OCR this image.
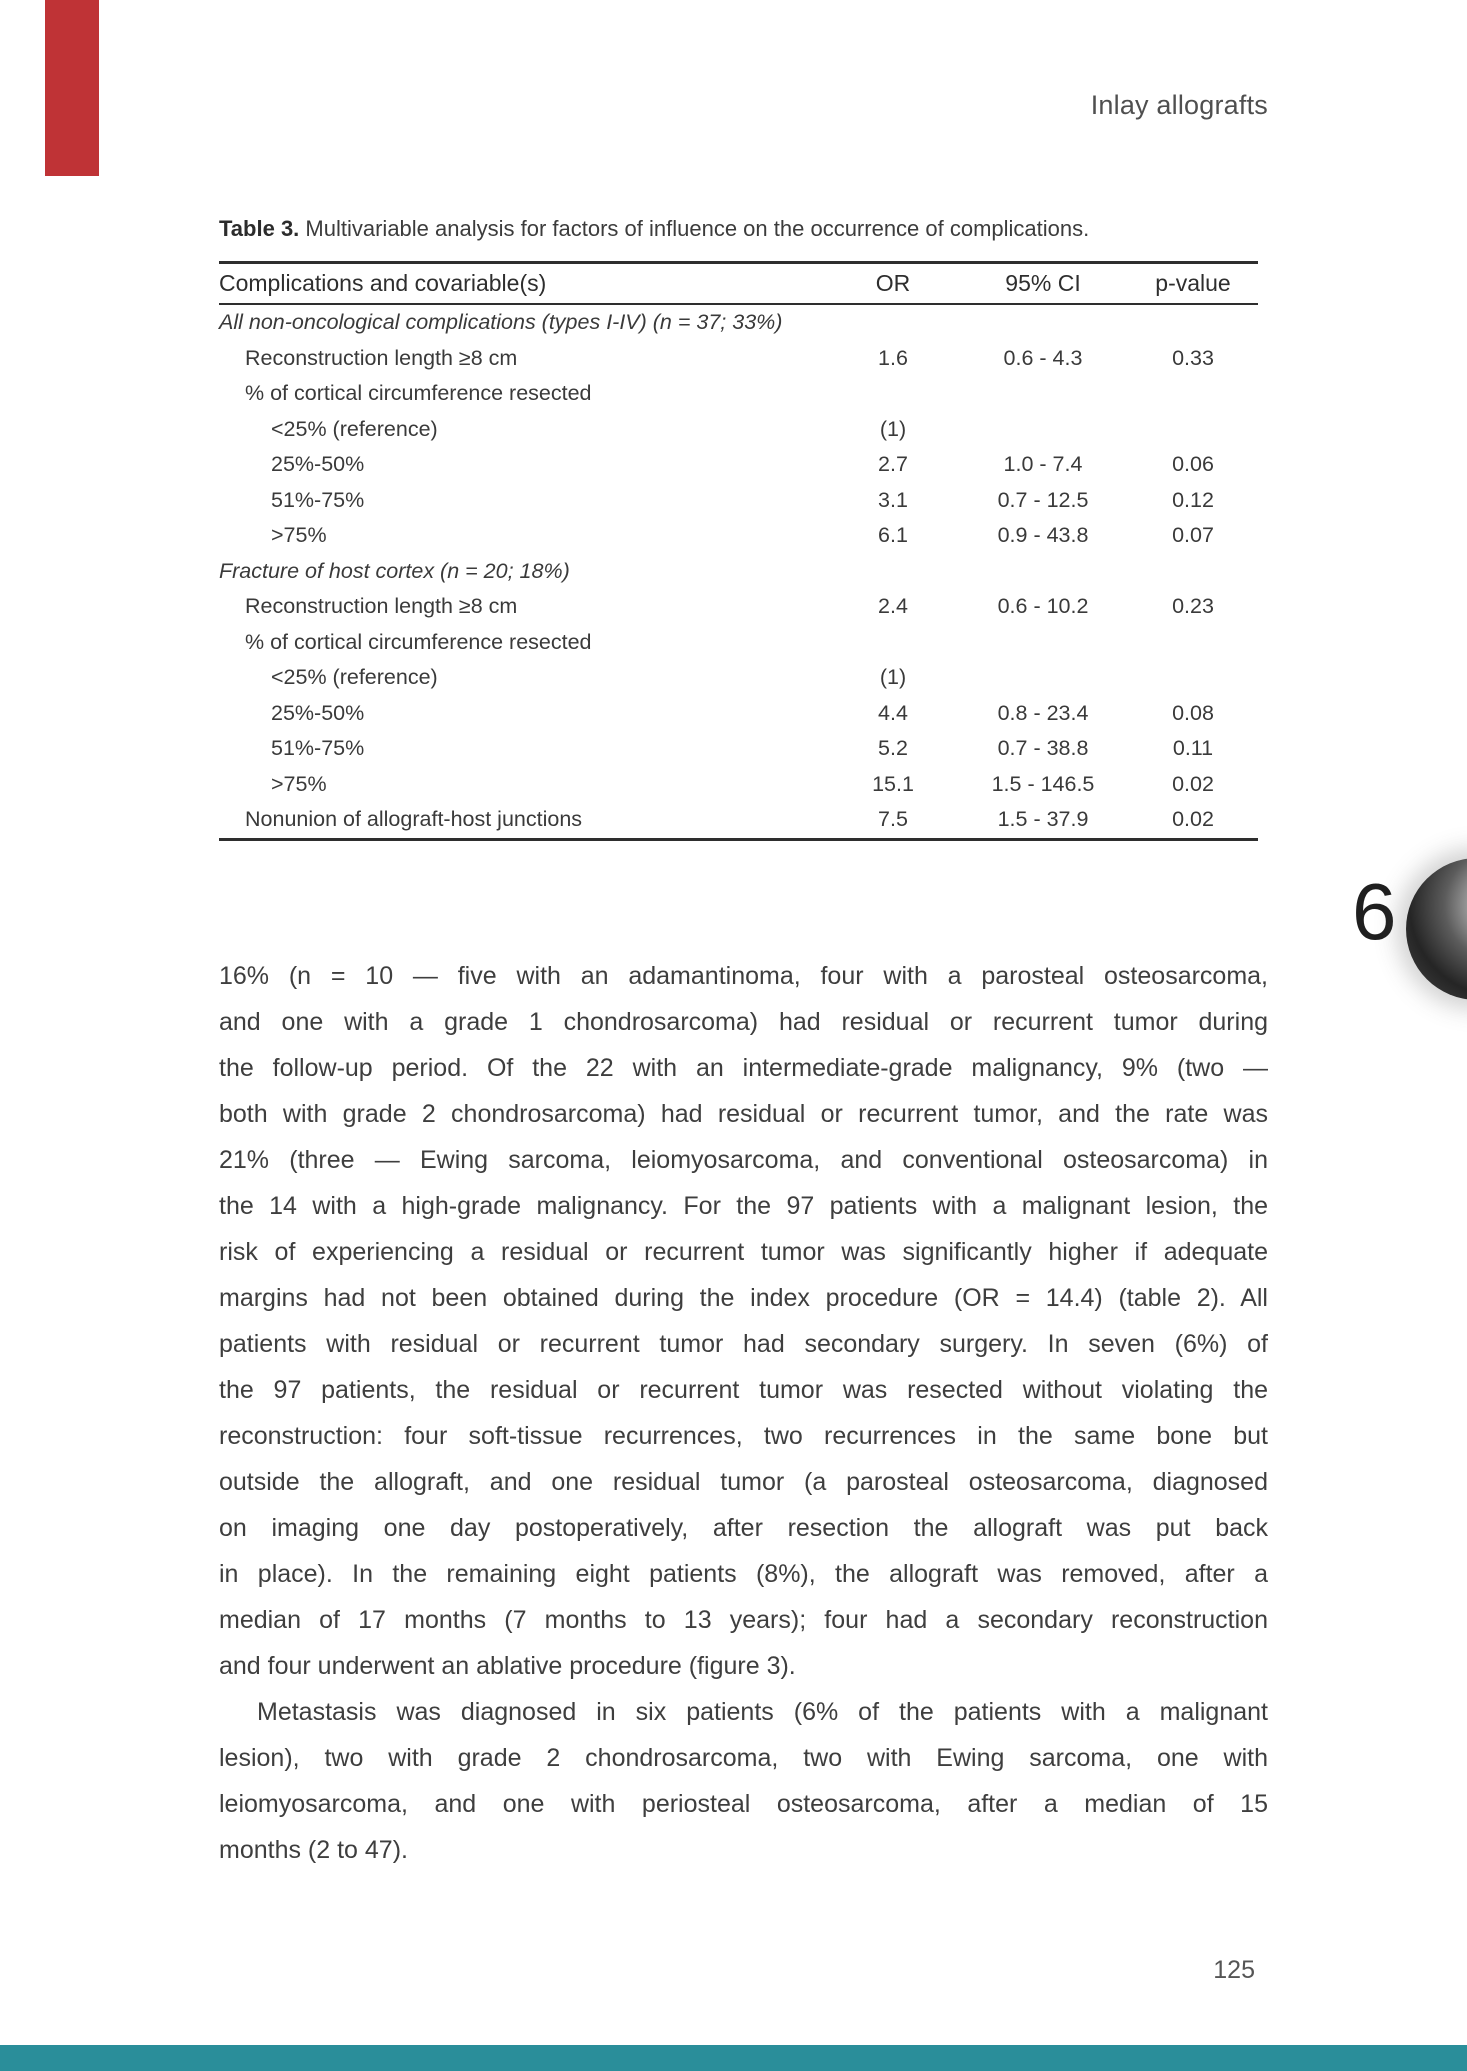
Inlay allografts
Table 3. Multivariable analysis for factors of influence on the occurrence of complications.
Complications and covariable(s)	OR	95% CI	p-value
All non-oncological complications (types I-IV) (n = 37; 33%)
Reconstruction length ≥8 cm	1.6	0.6 - 4.3	0.33
% of cortical circumference resected
<25% (reference)	(1)
25%-50%	2.7	1.0 - 7.4	0.06
51%-75%	3.1	0.7 - 12.5	0.12
>75%	6.1	0.9 - 43.8	0.07
Fracture of host cortex (n = 20; 18%)
Reconstruction length ≥8 cm	2.4	0.6 - 10.2	0.23
% of cortical circumference resected
<25% (reference)	(1)
25%-50%	4.4	0.8 - 23.4	0.08
51%-75%	5.2	0.7 - 38.8	0.11
>75%	15.1	1.5 - 146.5	0.02
Nonunion of allograft-host junctions	7.5	1.5 - 37.9	0.02
6
16% (n = 10 — five with an adamantinoma, four with a parosteal osteosarcoma,
and one with a grade 1 chondrosarcoma) had residual or recurrent tumor during
the follow-up period. Of the 22 with an intermediate-grade malignancy, 9% (two —
both with grade 2 chondrosarcoma) had residual or recurrent tumor, and the rate was
21% (three — Ewing sarcoma, leiomyosarcoma, and conventional osteosarcoma) in
the 14 with a high-grade malignancy. For the 97 patients with a malignant lesion, the
risk of experiencing a residual or recurrent tumor was significantly higher if adequate
margins had not been obtained during the index procedure (OR = 14.4) (table 2). All
patients with residual or recurrent tumor had secondary surgery. In seven (6%) of
the 97 patients, the residual or recurrent tumor was resected without violating the
reconstruction: four soft-tissue recurrences, two recurrences in the same bone but
outside the allograft, and one residual tumor (a parosteal osteosarcoma, diagnosed
on imaging one day postoperatively, after resection the allograft was put back
in place). In the remaining eight patients (8%), the allograft was removed, after a
median of 17 months (7 months to 13 years); four had a secondary reconstruction
and four underwent an ablative procedure (figure 3).
Metastasis was diagnosed in six patients (6% of the patients with a malignant
lesion), two with grade 2 chondrosarcoma, two with Ewing sarcoma, one with
leiomyosarcoma, and one with periosteal osteosarcoma, after a median of 15
months (2 to 47).
125
